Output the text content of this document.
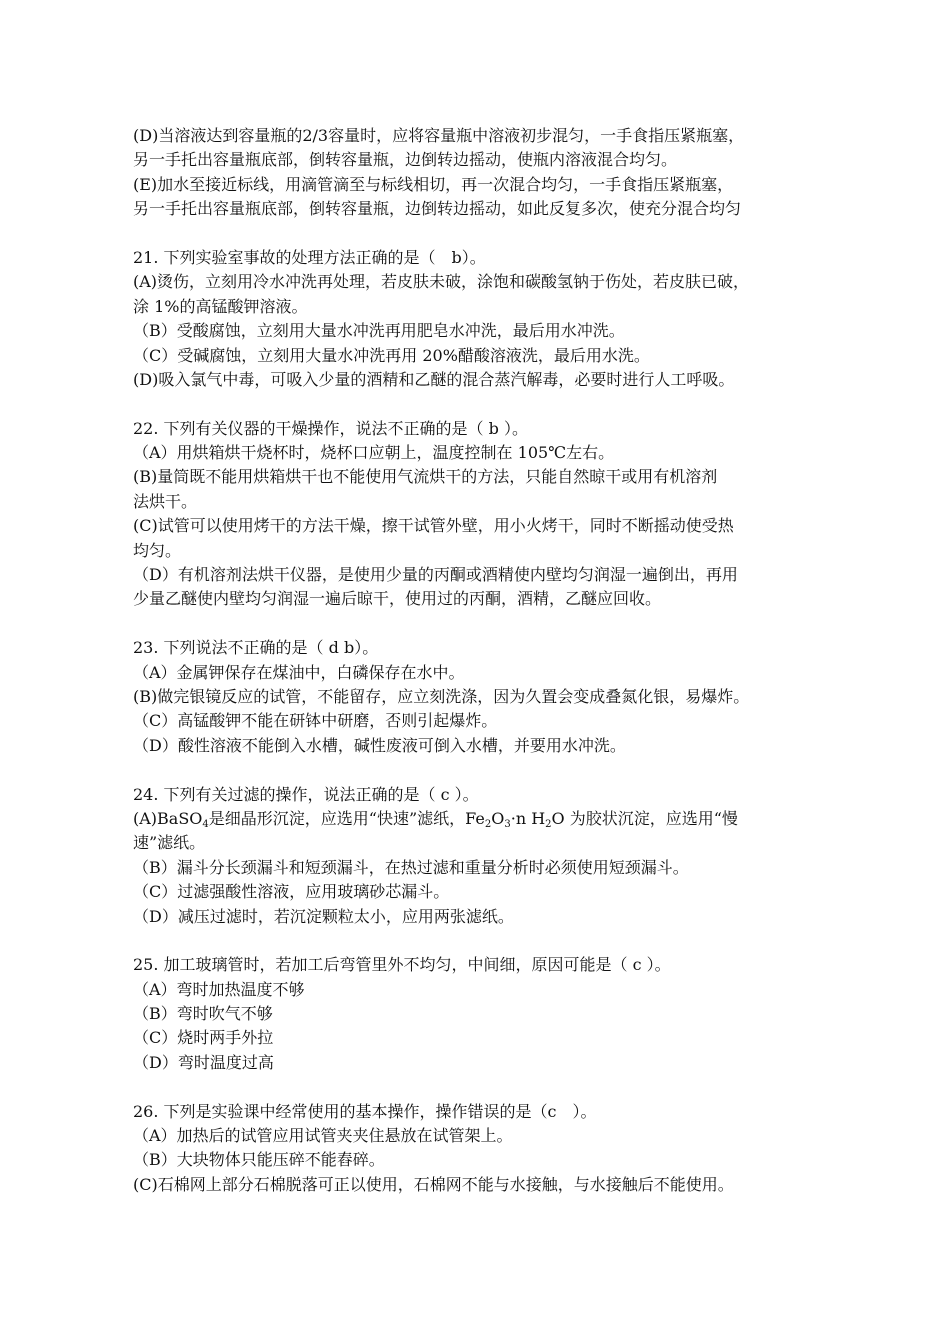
(D)当溶液达到容量瓶的2/3容量时，应将容量瓶中溶液初步混匀，一手食指压紧瓶塞，
另一手托出容量瓶底部，倒转容量瓶，边倒转边摇动，使瓶内溶液混合均匀。
(E)加水至接近标线，用滴管滴至与标线相切，再一次混合均匀，一手食指压紧瓶塞，
另一手托出容量瓶底部，倒转容量瓶，边倒转边摇动，如此反复多次，使充分混合均匀
21. 下列实验室事故的处理方法正确的是（　b）。
(A)烫伤，立刻用冷水冲洗再处理，若皮肤未破，涂饱和碳酸氢钠于伤处，若皮肤已破，
涂 1%的高锰酸钾溶液。
（B）受酸腐蚀，立刻用大量水冲洗再用肥皂水冲洗，最后用水冲洗。
（C）受碱腐蚀，立刻用大量水冲洗再用 20%醋酸溶液洗，最后用水洗。
(D)吸入氯气中毒，可吸入少量的酒精和乙醚的混合蒸汽解毒，必要时进行人工呼吸。
22. 下列有关仪器的干燥操作，说法不正确的是（ b ）。
（A）用烘箱烘干烧杯时，烧杯口应朝上，温度控制在 105℃左右。
(B)量筒既不能用烘箱烘干也不能使用气流烘干的方法，只能自然晾干或用有机溶剂
法烘干。
(C)试管可以使用烤干的方法干燥，擦干试管外壁，用小火烤干，同时不断摇动使受热
均匀。
（D）有机溶剂法烘干仪器，是使用少量的丙酮或酒精使内壁均匀润湿一遍倒出，再用
少量乙醚使内壁均匀润湿一遍后晾干，使用过的丙酮，酒精，乙醚应回收。
23. 下列说法不正确的是（ d b）。
（A）金属钾保存在煤油中，白磷保存在水中。
(B)做完银镜反应的试管，不能留存，应立刻洗涤，因为久置会变成叠氮化银，易爆炸。
（C）高锰酸钾不能在研钵中研磨，否则引起爆炸。
（D）酸性溶液不能倒入水槽，碱性废液可倒入水槽，并要用水冲洗。
24. 下列有关过滤的操作，说法正确的是（ c ）。
(A)BaSO$_4$是细晶形沉淀，应选用“快速”滤纸，$Fe_2O_3\cdot n$ $H_2O$ 为胶状沉淀，应选用“慢
速”滤纸。
（B）漏斗分长颈漏斗和短颈漏斗，在热过滤和重量分析时必须使用短颈漏斗。
（C）过滤强酸性溶液，应用玻璃砂芯漏斗。
（D）减压过滤时，若沉淀颗粒太小，应用两张滤纸。
25. 加工玻璃管时，若加工后弯管里外不均匀，中间细，原因可能是（ c ）。
（A）弯时加热温度不够
（B）弯时吹气不够
（C）烧时两手外拉
（D）弯时温度过高
26. 下列是实验课中经常使用的基本操作，操作错误的是（c　）。
（A）加热后的试管应用试管夹夹住悬放在试管架上。
（B）大块物体只能压碎不能舂碎。
(C)石棉网上部分石棉脱落可正以使用，石棉网不能与水接触，与水接触后不能使用。
